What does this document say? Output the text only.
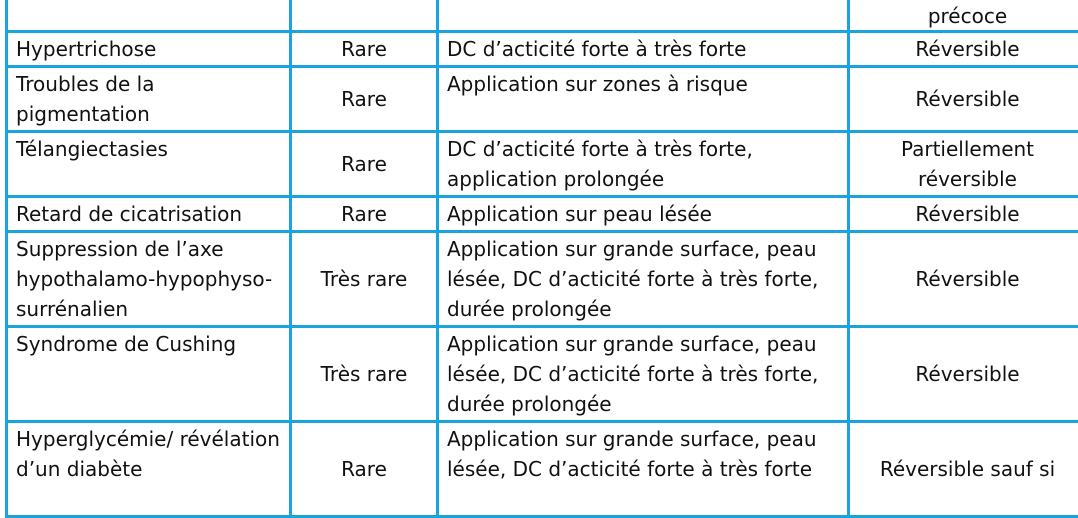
			précoce
Hypertrichose	Rare	DC d’acticité forte à très forte	Réversible
Troubles de la pigmentation	Rare	Application sur zones à risque	Réversible
Télangiectasies	Rare	DC d’acticité forte à très forte, application prolongée	Partiellement réversible
Retard de cicatrisation	Rare	Application sur peau lésée	Réversible
Suppression de l’axe hypothalamo-hypophyso-surrénalien	Très rare	Application sur grande surface, peau lésée, DC d’acticité forte à très forte, durée prolongée	Réversible
Syndrome de Cushing	Très rare	Application sur grande surface, peau lésée, DC d’acticité forte à très forte, durée prolongée	Réversible
Hyperglycémie/ révélation d’un diabète	Rare	Application sur grande surface, peau lésée, DC d’acticité forte à très forte	Réversible sauf si
